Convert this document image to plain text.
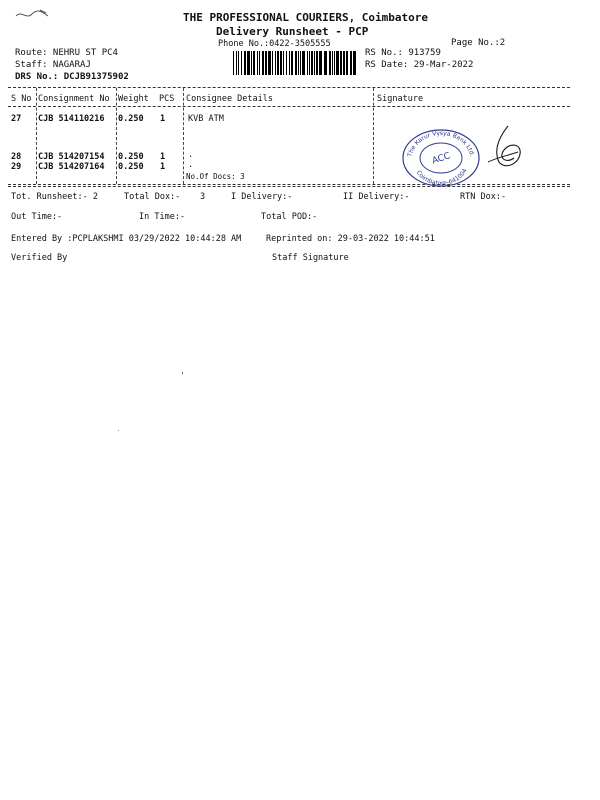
THE PROFESSIONAL COURIERS, Coimbatore
Delivery Runsheet - PCP
Phone No.:0422-3505555	Page No.:2
Route: NEHRU ST PC4
Staff: NAGARAJ
DRS No.: DCJB91375902
RS No.: 913759
RS Date: 29-Mar-2022
S No Consignment No Weight PCS Consignee Details	Signature
27 CJB 514110216 0.250 1	KVB ATM
28 CJB 514207154 0.250 1	.
29 CJB 514207164 0.250 1	.
No.Of Docs: 3
The Karur Vysya Bank Ltd.
Coimbatore-641004
ACC
Tot. Runsheet:- 2	Total Dox:- 3	I Delivery:-	II Delivery:-	RTN Dox:-
Out Time:-	In Time:-	Total POD:-
Entered By :PCPLAKSHMI 03/29/2022 10:44:28 AM	Reprinted on: 29-03-2022 10:44:51
Verified By	Staff Signature
